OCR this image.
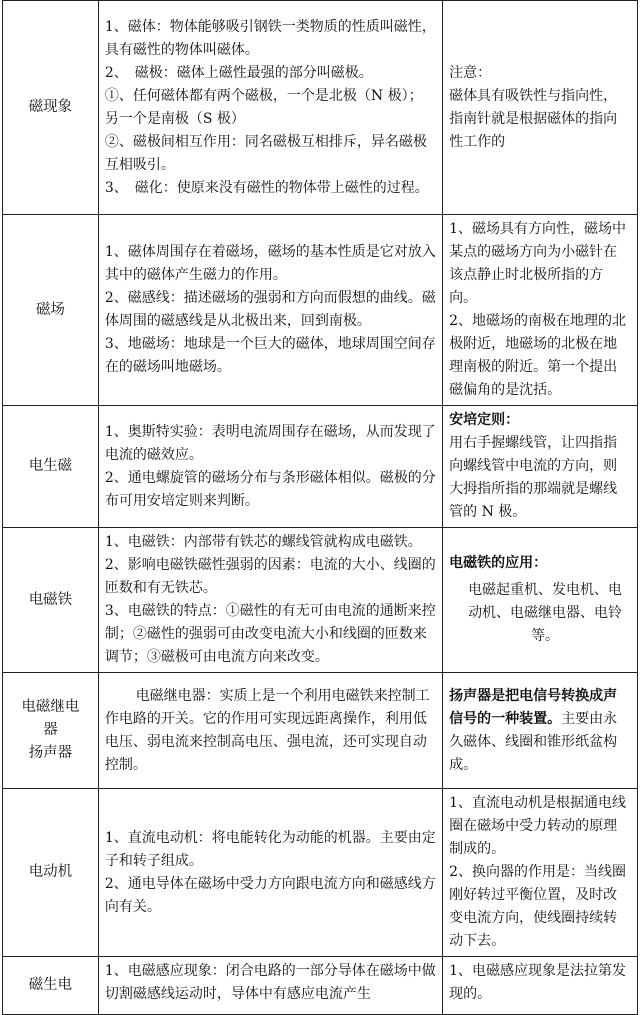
磁现象	1、磁体：物体能够吸引钢铁一类物质的性质叫磁性，具有磁性的物体叫磁体。
2、　磁极：磁体上磁性最强的部分叫磁极。
①、任何磁体都有两个磁极，一个是北极（N 极）；另一个是南极（S 极）
②、磁极间相互作用：同名磁极互相排斥，异名磁极互相吸引。
3、　磁化：使原来没有磁性的物体带上磁性的过程。	注意：
磁体具有吸铁性与指向性，指南针就是根据磁体的指向性工作的

磁场	1、磁体周围存在着磁场，磁场的基本性质是它对放入其中的磁体产生磁力的作用。
2、磁感线：描述磁场的强弱和方向而假想的曲线。磁体周围的磁感线是从北极出来，回到南极。
3、地磁场：地球是一个巨大的磁体，地球周围空间存在的磁场叫地磁场。	1、磁场具有方向性，磁场中某点的磁场方向为小磁针在该点静止时北极所指的方向。
2、地磁场的南极在地理的北极附近，地磁场的北极在地理南极的附近。第一个提出磁偏角的是沈括。

电生磁	1、奥斯特实验：表明电流周围存在磁场，从而发现了电流的磁效应。
2、通电螺旋管的磁场分布与条形磁体相似。磁极的分布可用安培定则来判断。	安培定则：
用右手握螺线管，让四指指向螺线管中电流的方向，则大拇指所指的那端就是螺线管的 N 极。

电磁铁	1、电磁铁：内部带有铁芯的螺线管就构成电磁铁。
2、影响电磁铁磁性强弱的因素：电流的大小、线圈的匝数和有无铁芯。
3、电磁铁的特点：①磁性的有无可由电流的通断来控制；②磁性的强弱可由改变电流大小和线圈的匝数来调节；③磁极可由电流方向来改变。	电磁铁的应用：
电磁起重机、发电机、电动机、电磁继电器、电铃等。

电磁继电
器
扬声器	电磁继电器：实质上是一个利用电磁铁来控制工作电路的开关。它的作用可实现远距离操作，利用低电压、弱电流来控制高电压、强电流，还可实现自动控制。	扬声器是把电信号转换成声信号的一种装置。主要由永久磁体、线圈和锥形纸盆构成。
电动机	1、直流电动机：将电能转化为动能的机器。主要由定子和转子组成。
2、通电导体在磁场中受力方向跟电流方向和磁感线方向有关。	1、直流电动机是根据通电线圈在磁场中受力转动的原理制成的。
2、换向器的作用是：当线圈刚好转过平衡位置，及时改变电流方向，使线圈持续转动下去。

磁生电	1、电磁感应现象：闭合电路的一部分导体在磁场中做切割磁感线运动时，导体中有感应电流产生	1、电磁感应现象是法拉第发现的。
